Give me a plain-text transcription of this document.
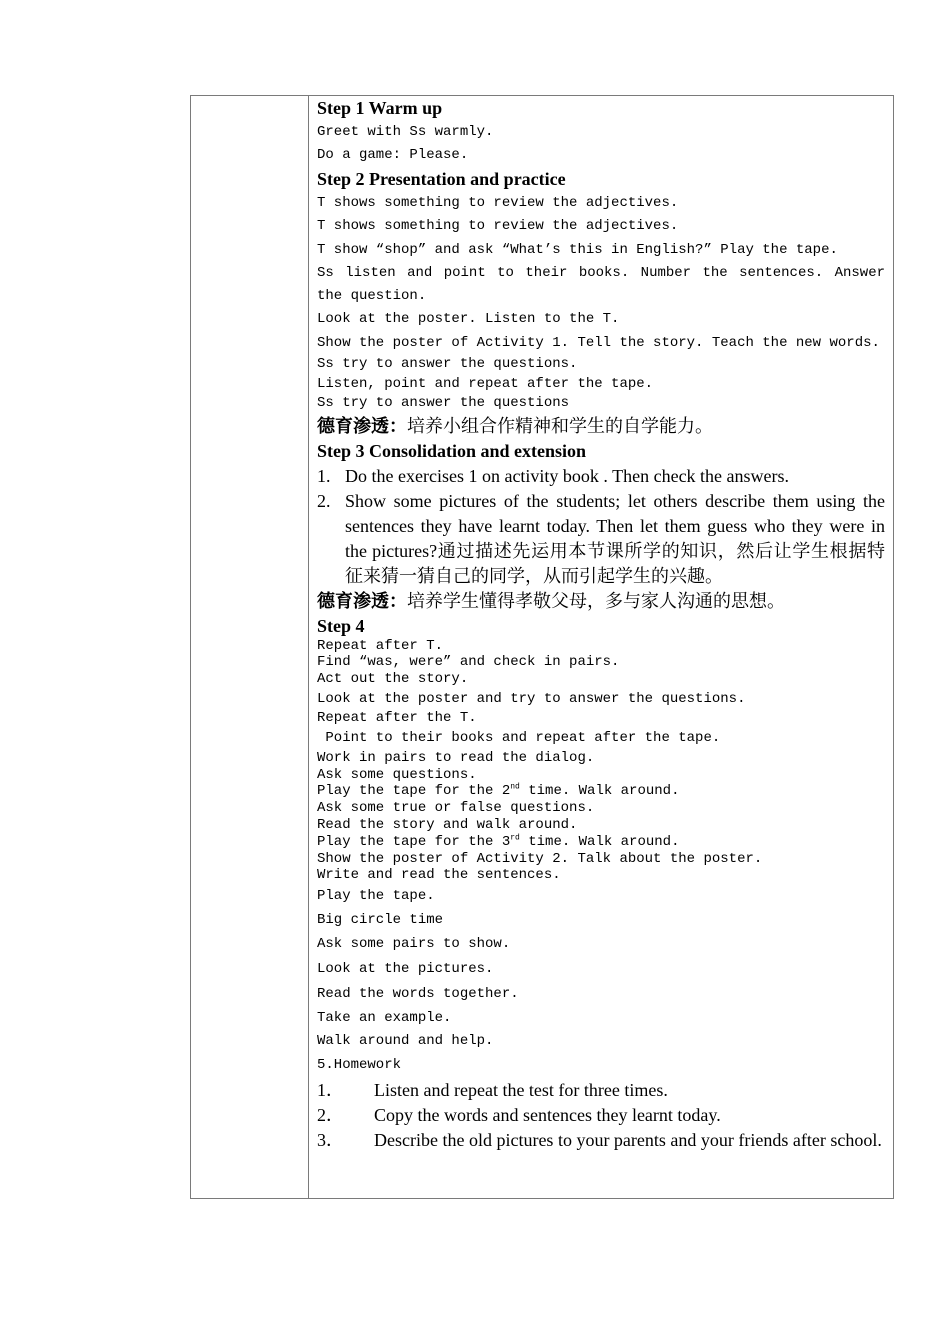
Step 1 Warm up
Greet with Ss warmly.
Do a game: Please.
Step 2 Presentation and practice
T shows something to review the adjectives.
T shows something to review the adjectives.
T show “shop” and ask “What’s this in English?” Play the tape.
Ss listen and point to their books. Number the sentences. Answer the question.
Look at the poster. Listen to the T.
Show the poster of Activity 1. Tell the story. Teach the new words.
Ss try to answer the questions.
Listen, point and repeat after the tape.
Ss try to answer the questions
德育渗透：培养小组合作精神和学生的自学能力。
Step 3 Consolidation and extension
1. Do the exercises 1 on activity book . Then check the answers.
2. Show some pictures of the students; let others describe them using the sentences they have learnt today. Then let them guess who they were in the pictures?通过描述先运用本节课所学的知识，然后让学生根据特征来猜一猜自己的同学，从而引起学生的兴趣。
德育渗透：培养学生懂得孝敬父母，多与家人沟通的思想。
Step 4
Repeat after T.
Find “was, were” and check in pairs.
Act out the story.
Look at the poster and try to answer the questions.
Repeat after the T.
Point to their books and repeat after the tape.
Work in pairs to read the dialog.
Ask some questions.
Play the tape for the 2nd time. Walk around.
Ask some true or false questions.
Read the story and walk around.
Play the tape for the 3rd time. Walk around.
Show the poster of Activity 2. Talk about the poster.
Write and read the sentences.
Play the tape.
Big circle time
Ask some pairs to show.
Look at the pictures.
Read the words together.
Take an example.
Walk around and help.
5.Homework
1．	Listen and repeat the test for three times.
2．	Copy the words and sentences they learnt today.
3．	Describe the old pictures to your parents and your friends after school.
